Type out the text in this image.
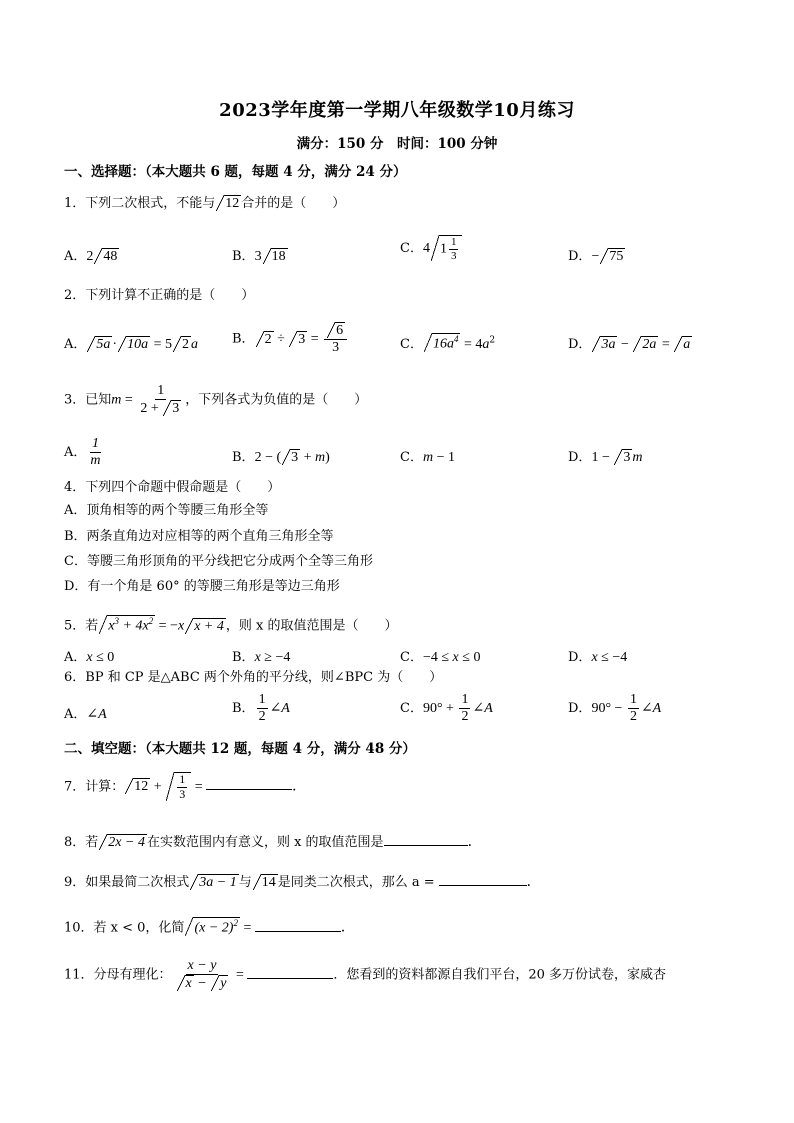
2023学年度第一学期八年级数学10月练习
满分：150 分　时间：100 分钟
一、选择题：（本大题共 6 题，每题 4 分，满分 24 分）
1．下列二次根式，不能与 12 合并的是（　　）
A．2 48	B．3 18
C．4 $1 \frac{1}{3}$	D．− 75
2．下列计算不正确的是（　　）
A． 5a · 10a = 5 2 a	B． $2 \div 3 = \frac{6}{3}$	C． $16a^4 = 4a^2$	D． 3a − 2a = a
3．已知$m = \frac{1}{2 + 3}$ ，下列各式为负值的是（　　）
A． $\frac{1}{m}$	B．2 − ( 3 + m)	C．m − 1	D．1 − 3 m
4．下列四个命题中假命题是（　　）
A．顶角相等的两个等腰三角形全等
B．两条直角边对应相等的两个直角三角形全等
C．等腰三角形顶角的平分线把它分成两个全等三角形
D．有一个角是 60° 的等腰三角形是等边三角形
5．若 $x^3 + 4x^2 = -x$ x + 4 ，则 x 的取值范围是（　　）
A．x ≤ 0	B．x ≥ −4	C．−4 ≤ x ≤ 0	D．x ≤ −4
6．BP 和 CP 是△ABC 两个外角的平分线，则∠BPC 为（　　）
A．∠A	B． $\frac{1}{2}$ ∠A	C．$90^\circ + \frac{1}{2}$ ∠A	D．$90^\circ - \frac{1}{2}$ ∠A
二、填空题：（本大题共 12 题，每题 4 分，满分 48 分）
7．计算： $12 + \frac{1}{3}$ =	．
8．若 2x − 4 在实数范围内有意义，则 x 的取值范围是	．
9．如果最简二次根式 3a − 1 与 14 是同类二次根式，那么 a =	．
10．若 x < 0，化简 $(x - 2)^2$ =	．
11．分母有理化： $\frac{x - y}{x - y}$ =	．您看到的资料都源自我们平台，20 多万份试卷，家威杏
